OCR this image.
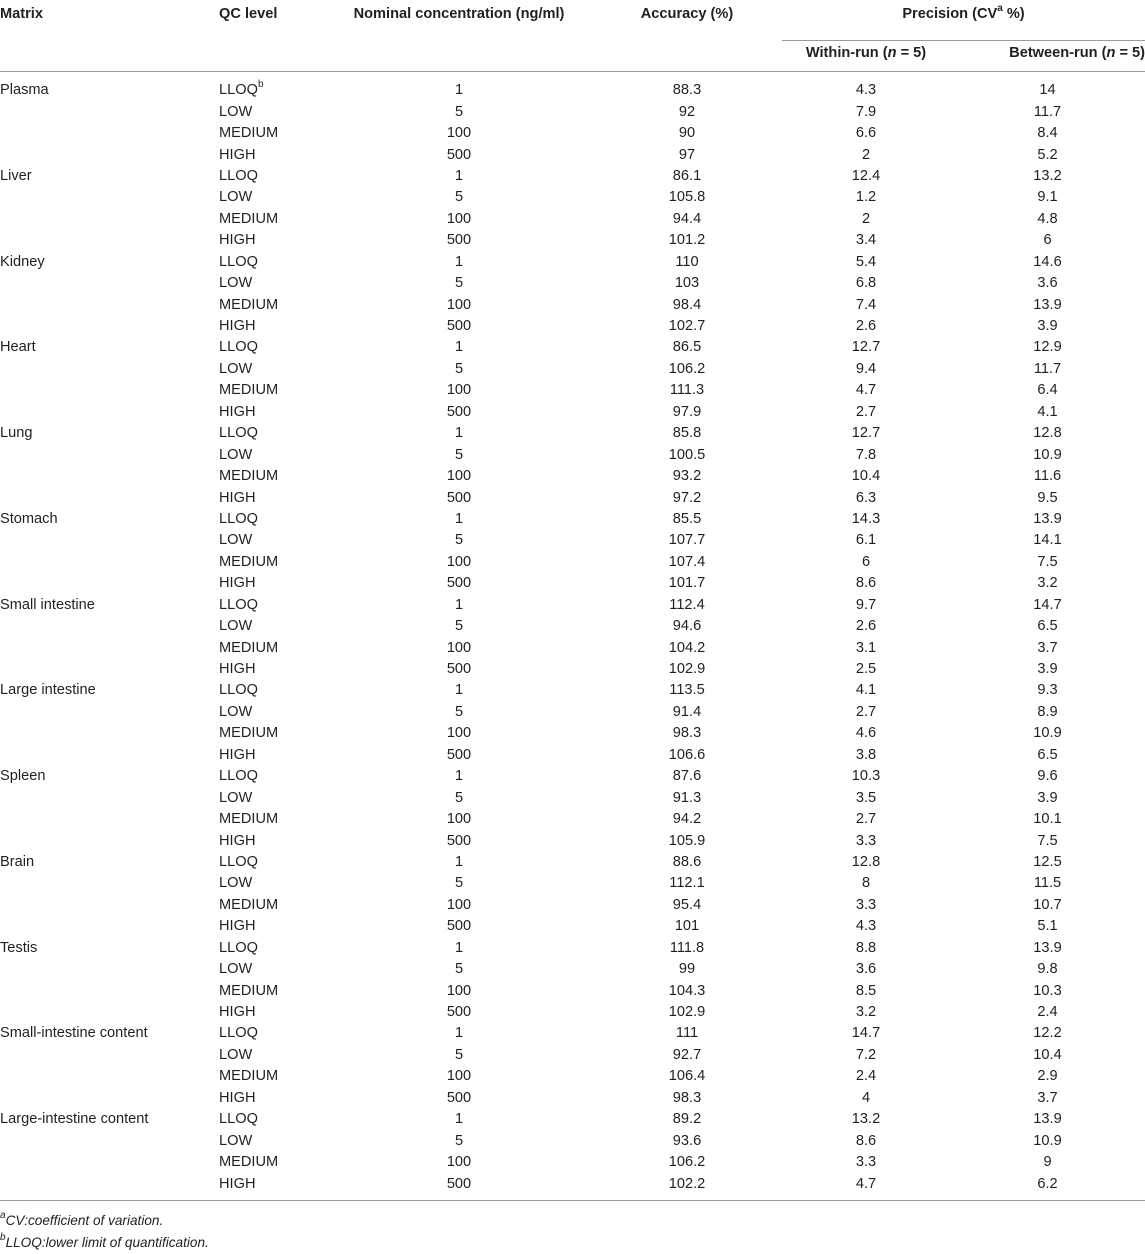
Matrix	QC level	Nominal concentration (ng/ml)	Accuracy (%)	Precision ($CV^a$ %)	
				Within-run (n = 5)	Between-run (n = 5)
Plasma	LLOQ$^b$	1	88.3	4.3	14
	LOW	5	92	7.9	11.7
	MEDIUM	100	90	6.6	8.4
	HIGH	500	97	2	5.2
Liver	LLOQ	1	86.1	12.4	13.2
	LOW	5	105.8	1.2	9.1
	MEDIUM	100	94.4	2	4.8
	HIGH	500	101.2	3.4	6
Kidney	LLOQ	1	110	5.4	14.6
	LOW	5	103	6.8	3.6
	MEDIUM	100	98.4	7.4	13.9
	HIGH	500	102.7	2.6	3.9
Heart	LLOQ	1	86.5	12.7	12.9
	LOW	5	106.2	9.4	11.7
	MEDIUM	100	111.3	4.7	6.4
	HIGH	500	97.9	2.7	4.1
Lung	LLOQ	1	85.8	12.7	12.8
	LOW	5	100.5	7.8	10.9
	MEDIUM	100	93.2	10.4	11.6
	HIGH	500	97.2	6.3	9.5
Stomach	LLOQ	1	85.5	14.3	13.9
	LOW	5	107.7	6.1	14.1
	MEDIUM	100	107.4	6	7.5
	HIGH	500	101.7	8.6	3.2
Small intestine	LLOQ	1	112.4	9.7	14.7
	LOW	5	94.6	2.6	6.5
	MEDIUM	100	104.2	3.1	3.7
	HIGH	500	102.9	2.5	3.9
Large intestine	LLOQ	1	113.5	4.1	9.3
	LOW	5	91.4	2.7	8.9
	MEDIUM	100	98.3	4.6	10.9
	HIGH	500	106.6	3.8	6.5
Spleen	LLOQ	1	87.6	10.3	9.6
	LOW	5	91.3	3.5	3.9
	MEDIUM	100	94.2	2.7	10.1
	HIGH	500	105.9	3.3	7.5
Brain	LLOQ	1	88.6	12.8	12.5
	LOW	5	112.1	8	11.5
	MEDIUM	100	95.4	3.3	10.7
	HIGH	500	101	4.3	5.1
Testis	LLOQ	1	111.8	8.8	13.9
	LOW	5	99	3.6	9.8
	MEDIUM	100	104.3	8.5	10.3
	HIGH	500	102.9	3.2	2.4
Small-intestine content	LLOQ	1	111	14.7	12.2
	LOW	5	92.7	7.2	10.4
	MEDIUM	100	106.4	2.4	2.9
	HIGH	500	98.3	4	3.7
Large-intestine content	LLOQ	1	89.2	13.2	13.9
	LOW	5	93.6	8.6	10.9
	MEDIUM	100	106.2	3.3	9
	HIGH	500	102.2	4.7	6.2
$^a$CV:coefficient of variation.
$^b$LLOQ:lower limit of quantification.
